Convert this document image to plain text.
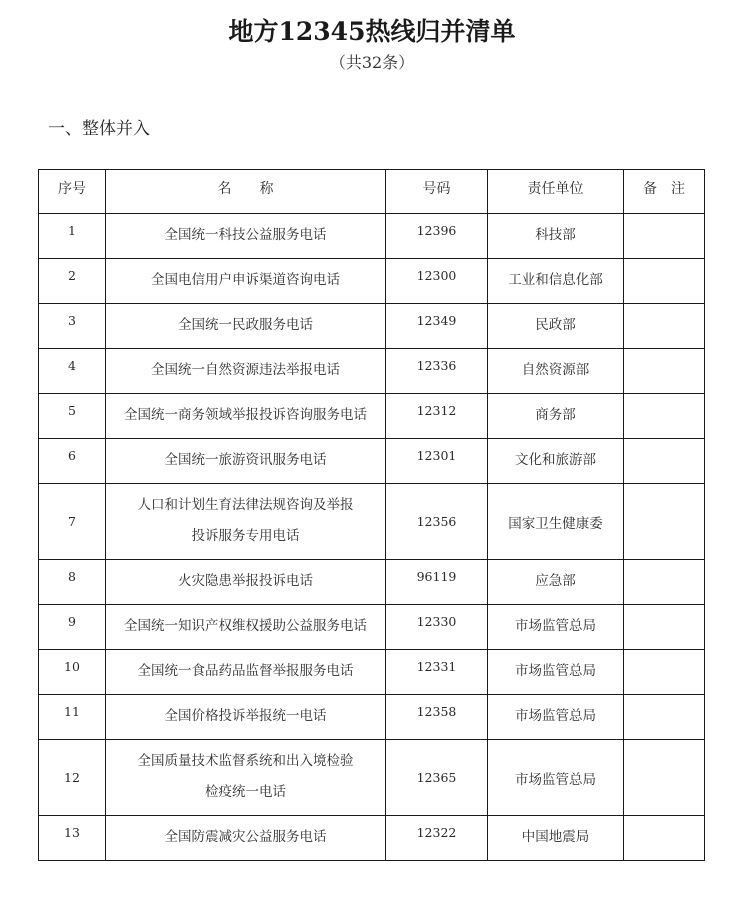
地方12345热线归并清单
（共32条）
一、整体并入
序号	名　　称	号码	责任单位	备　注
1	全国统一科技公益服务电话	12396	科技部	
2	全国电信用户申诉渠道咨询电话	12300	工业和信息化部	
3	全国统一民政服务电话	12349	民政部	
4	全国统一自然资源违法举报电话	12336	自然资源部	
5	全国统一商务领域举报投诉咨询服务电话	12312	商务部	
6	全国统一旅游资讯服务电话	12301	文化和旅游部	
7	人口和计划生育法律法规咨询及举报
投诉服务专用电话	12356	国家卫生健康委	
8	火灾隐患举报投诉电话	96119	应急部	
9	全国统一知识产权维权援助公益服务电话	12330	市场监管总局	
10	全国统一食品药品监督举报服务电话	12331	市场监管总局	
11	全国价格投诉举报统一电话	12358	市场监管总局	
12	全国质量技术监督系统和出入境检验
检疫统一电话	12365	市场监管总局	
13	全国防震减灾公益服务电话	12322	中国地震局	
